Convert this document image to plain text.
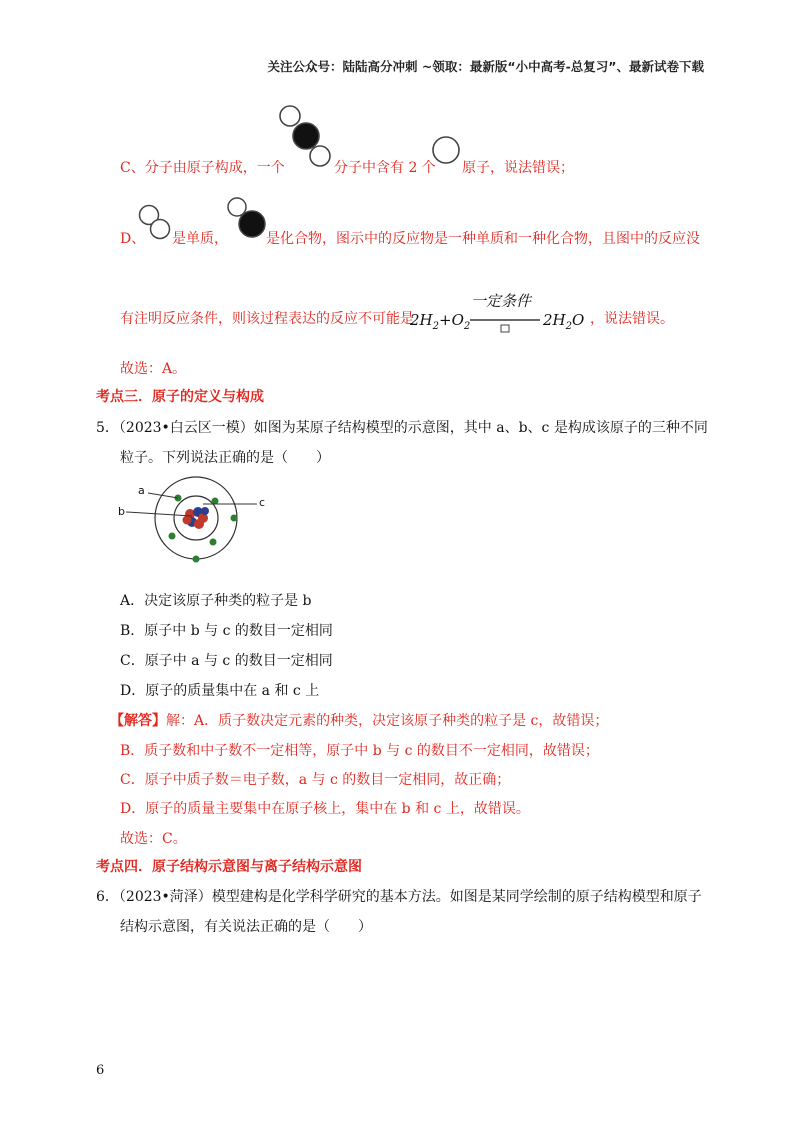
关注公众号：陆陆高分冲刺 ~领取：最新版“小中高考-总复习”、最新试卷下载
C、分子由原子构成，一个	分子中含有 2 个 原子，说法错误；
D、 是单质，	是化合物，图示中的反应物是一种单质和一种化合物，且图中的反应没
有注明反应条件，则该过程表达的反应不可能是
$2H_2+O_2$
一定条件
$2H_2O$ ，说法错误。
故选：A。
考点三．原子的定义与构成
5．（2023•白云区一模）如图为某原子结构模型的示意图，其中 a、b、c 是构成该原子的三种不同
粒子。下列说法正确的是（　　）
a
b
c
A．决定该原子种类的粒子是 b
B．原子中 b 与 c 的数目一定相同
C．原子中 a 与 c 的数目一定相同
D．原子的质量集中在 a 和 c 上
【解答】解：A．质子数决定元素的种类，决定该原子种类的粒子是 c，故错误；
B．质子数和中子数不一定相等，原子中 b 与 c 的数目不一定相同，故错误；
C．原子中质子数＝电子数，a 与 c 的数目一定相同，故正确；
D．原子的质量主要集中在原子核上，集中在 b 和 c 上，故错误。
故选：C。
考点四．原子结构示意图与离子结构示意图
6．（2023•菏泽）模型建构是化学科学研究的基本方法。如图是某同学绘制的原子结构模型和原子
结构示意图，有关说法正确的是（　　）
6
